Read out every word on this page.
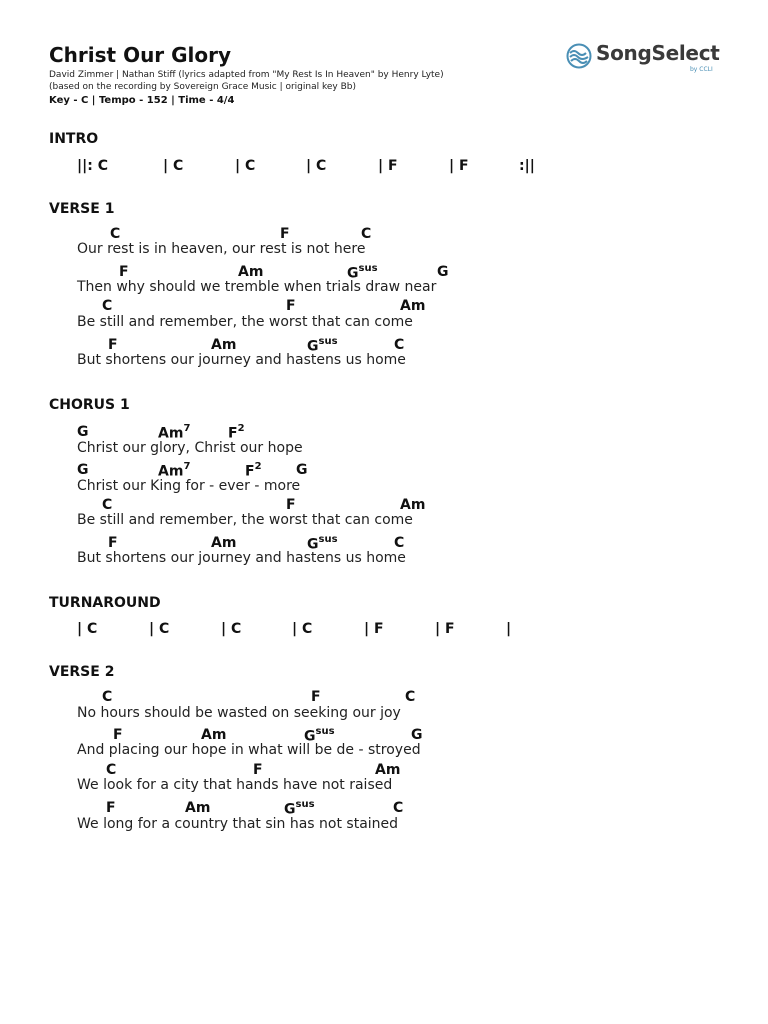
Christ Our Glory
David Zimmer | Nathan Stiff (lyrics adapted from "My Rest Is In Heaven" by Henry Lyte)
(based on the recording by Sovereign Grace Music | original key Bb)
Key - C | Tempo - 152 | Time - 4/4
SongSelect
by CCLI
INTRO
||: C	| C	| C	| C	| F	| F	:||
VERSE 1
C	F	C
Our rest is in heaven, our rest is not here
F	Am	$G^{sus}$	G
Then why should we tremble when trials draw near
C	F	Am
Be still and remember, the worst that can come
F	Am	$G^{sus}$	C
But shortens our journey and hastens us home
CHORUS 1
G	Am$^7$	$F^2$
Christ our glory, Christ our hope
G	Am$^7$	$F^2$ G
Christ our King for - ever - more
C	F	Am
Be still and remember, the worst that can come
F	Am	$G^{sus}$	C
But shortens our journey and hastens us home
TURNAROUND
| C	| C	| C	| C	| F	| F	|
VERSE 2
C	F	C
No hours should be wasted on seeking our joy
F	Am	$G^{sus}$	G
And placing our hope in what will be de - stroyed
C	F	Am
We look for a city that hands have not raised
F	Am	$G^{sus}$	C
We long for a country that sin has not stained
